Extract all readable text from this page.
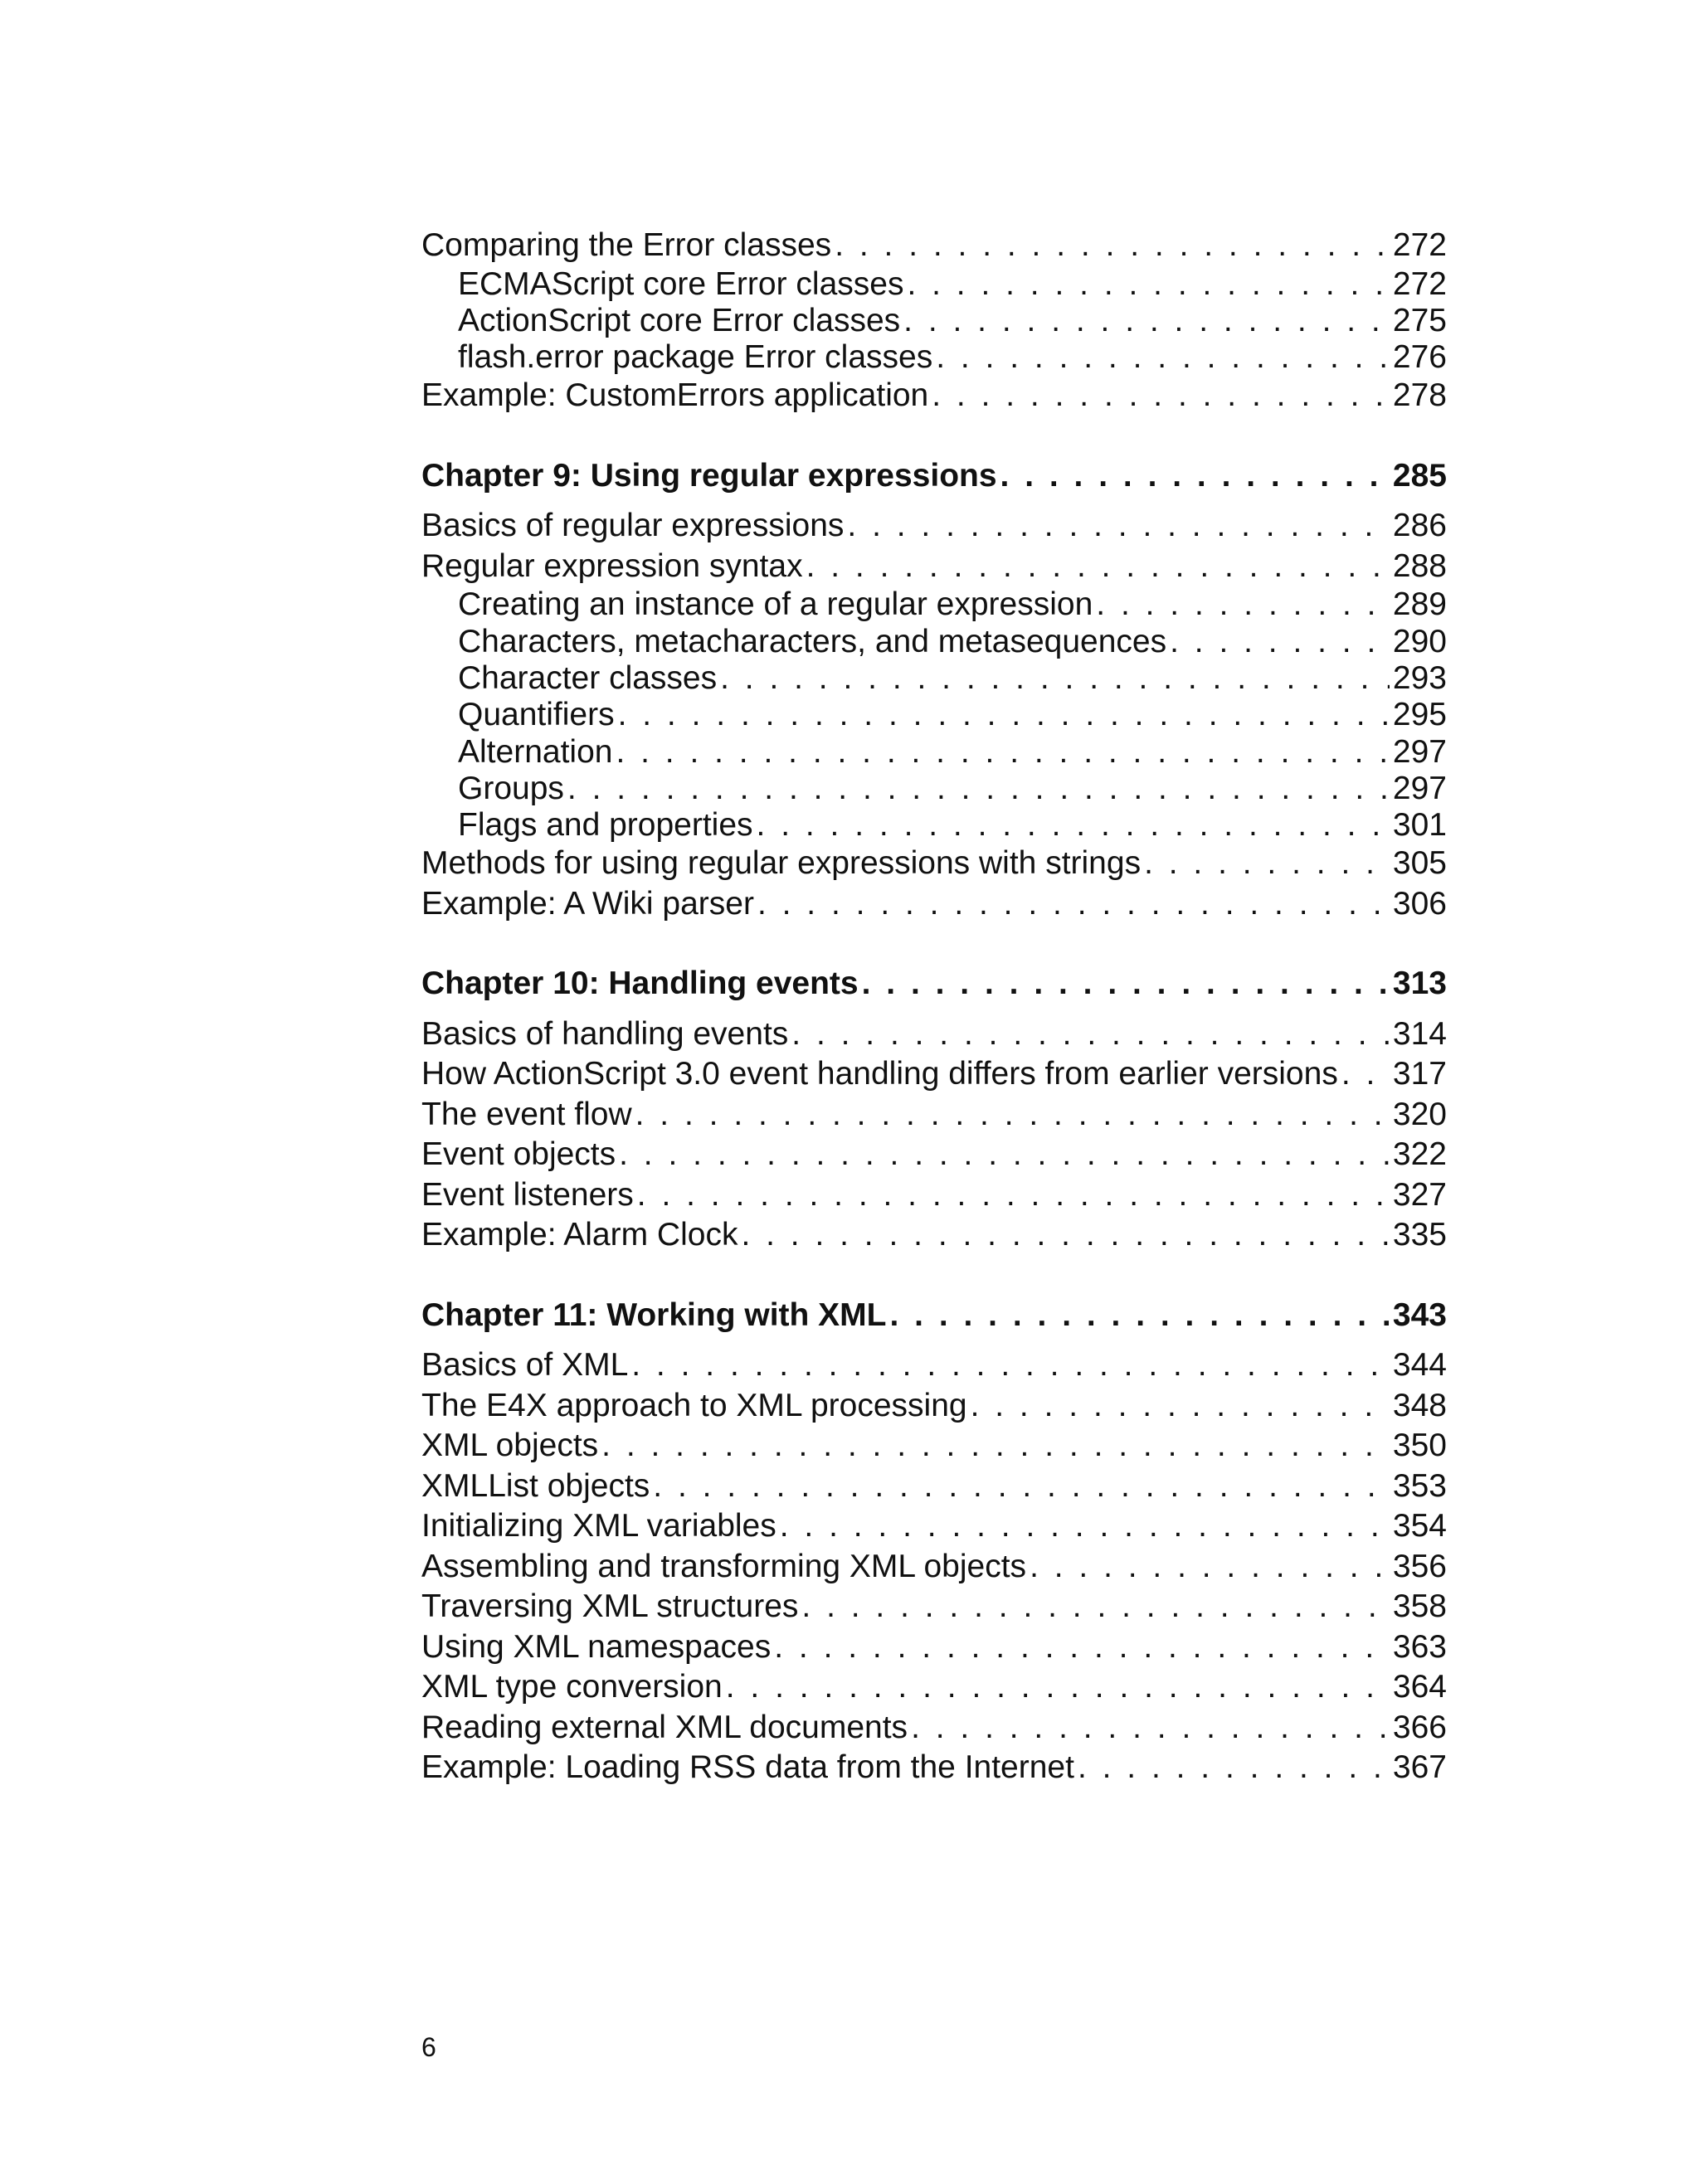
Comparing the Error classes . . .	272
ECMAScript core Error classes . . .	272
ActionScript core Error classes . . .	275
flash.error package Error classes . . .	276
Example: CustomErrors application . . .	278
Chapter 9: Using regular expressions . . .	285
Basics of regular expressions . . .	286
Regular expression syntax . . .	288
Creating an instance of a regular expression . . .	289
Characters, metacharacters, and metasequences . . .	290
Character classes . . .	293
Quantifiers . . .	295
Alternation . . .	297
Groups . . .	297
Flags and properties . . .	301
Methods for using regular expressions with strings . . .	305
Example: A Wiki parser . . .	306
Chapter 10: Handling events . . .	313
Basics of handling events . . .	314
How ActionScript 3.0 event handling differs from earlier versions . . . 317
The event flow . . .	320
Event objects . . .	322
Event listeners . . .	327
Example: Alarm Clock . . .	335
Chapter 11: Working with XML . . .	343
Basics of XML . . .	344
The E4X approach to XML processing . . .	348
XML objects . . .	350
XMLList objects . . .	353
Initializing XML variables . . .	354
Assembling and transforming XML objects . . .	356
Traversing XML structures . . .	358
Using XML namespaces . . .	363
XML type conversion . . .	364
Reading external XML documents . . .	366
Example: Loading RSS data from the Internet . . .	367
6
